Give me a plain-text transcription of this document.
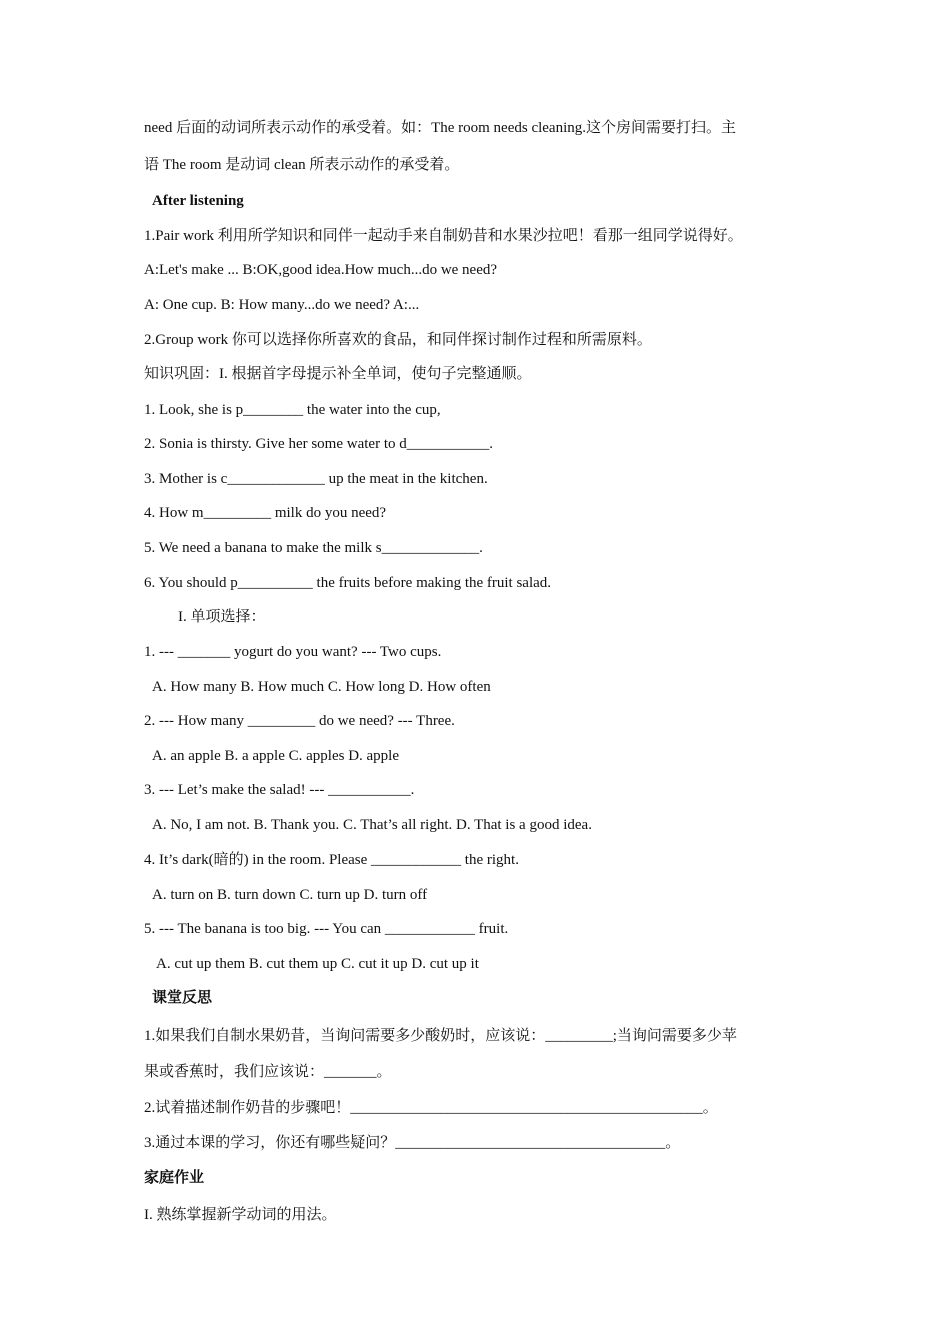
need 后面的动词所表示动作的承受着。如：The room needs cleaning.这个房间需要打扫。主
语 The room 是动词 clean 所表示动作的承受着。
After listening
1.Pair work 利用所学知识和同伴一起动手来自制奶昔和水果沙拉吧！看那一组同学说得好。
A:Let's make ... B:OK,good idea.How much...do we need?
A: One cup. B: How many...do we need? A:...
2.Group work 你可以选择你所喜欢的食品，和同伴探讨制作过程和所需原料。
知识巩固：I. 根据首字母提示补全单词，使句子完整通顺。
1. Look, she is p________ the water into the cup,
2. Sonia is thirsty. Give her some water to d___________.
3. Mother is c_____________ up the meat in the kitchen.
4. How m_________ milk do you need?
5. We need a banana to make the milk s_____________.
6. You should p__________ the fruits before making the fruit salad.
I. 单项选择：
1. --- _______ yogurt do you want? --- Two cups.
A. How many B. How much C. How long D. How often
2. --- How many _________ do we need? --- Three.
A. an apple B. a apple C. apples D. apple
3. --- Let’s make the salad! --- ___________.
A. No, I am not. B. Thank you. C. That’s all right. D. That is a good idea.
4. It’s dark(暗的) in the room. Please ____________ the right.
A. turn on B. turn down C. turn up D. turn off
5. --- The banana is too big. --- You can ____________ fruit.
A. cut up them B. cut them up C. cut it up D. cut up it
课堂反思
1.如果我们自制水果奶昔，当询问需要多少酸奶时，应该说：_________;当询问需要多少苹
果或香蕉时，我们应该说：_______。
2.试着描述制作奶昔的步骤吧！_______________________________________________。
3.通过本课的学习，你还有哪些疑问？____________________________________。
家庭作业
I. 熟练掌握新学动词的用法。
